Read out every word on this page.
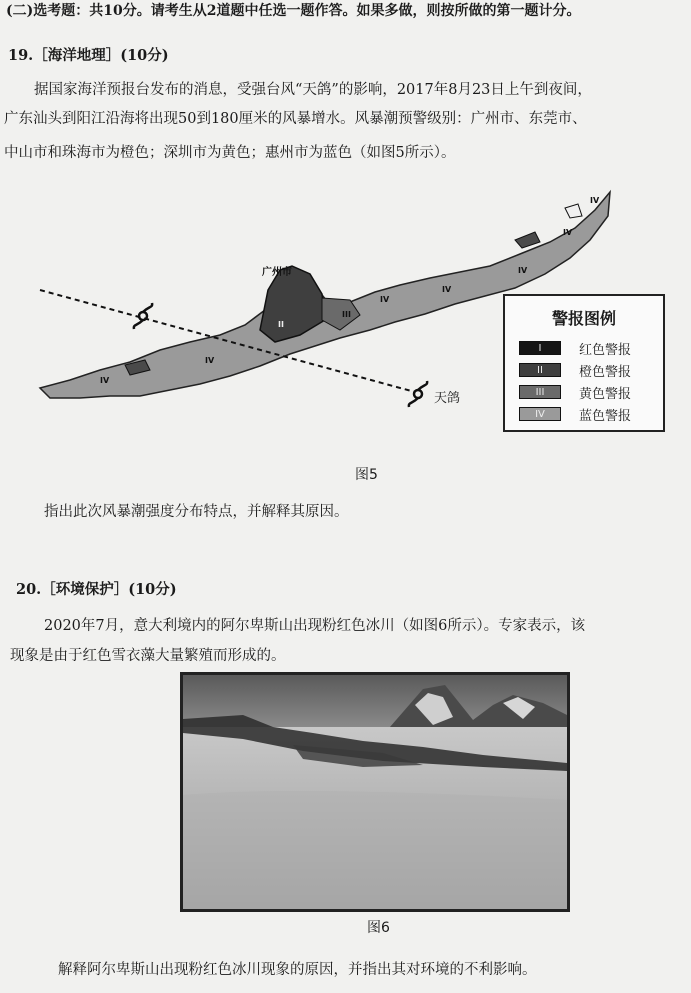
(二)选考题：共10分。请考生从2道题中任选一题作答。如果多做，则按所做的第一题计分。
19.［海洋地理］(10分)
据国家海洋预报台发布的消息，受强台风“天鸽”的影响，2017年8月23日上午到夜间，
广东汕头到阳江沿海将出现50到180厘米的风暴增水。风暴潮预警级别：广州市、东莞市、
中山市和珠海市为橙色；深圳市为黄色；惠州市为蓝色（如图5所示）。
广州市
天鸽
IV
IV
IV
IV
IV
IV
III
II
IV
警报图例
I	红色警报
II	橙色警报
III	黄色警报
IV	蓝色警报
图5
指出此次风暴潮强度分布特点，并解释其原因。
20.［环境保护］(10分)
2020年7月，意大利境内的阿尔卑斯山出现粉红色冰川（如图6所示）。专家表示，该
现象是由于红色雪衣藻大量繁殖而形成的。
图6
解释阿尔卑斯山出现粉红色冰川现象的原因，并指出其对环境的不利影响。
